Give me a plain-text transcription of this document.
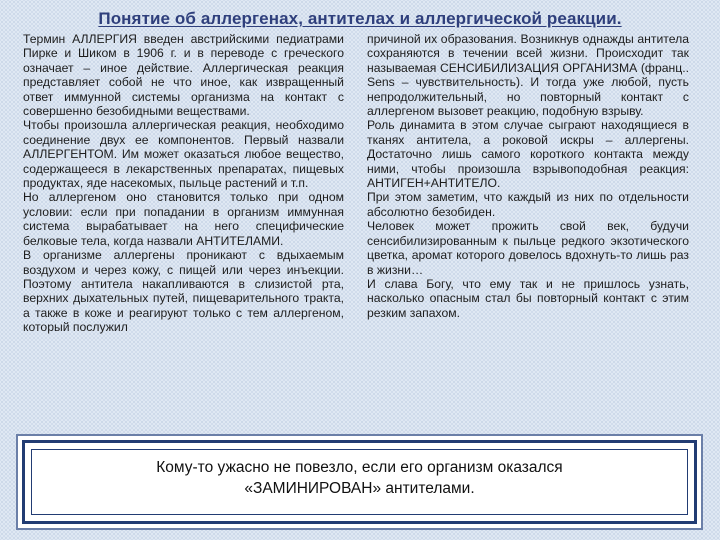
Понятие об аллергенах, антителах и аллергической реакции.

Термин АЛЛЕРГИЯ введен австрийскими педиатрами Пирке и Шиком в 1906 г. и в переводе с греческого означает – иное действие. Аллергическая реакция представляет собой не что иное, как извращенный ответ иммунной системы организма на контакт с совершенно безобидными веществами.

Чтобы произошла аллергическая реакция, необходимо соединение двух ее компонентов. Первый назвали АЛЛЕРГЕНТОМ. Им может оказаться любое вещество, содержащееся в лекарственных препаратах, пищевых продуктах, яде насекомых, пыльце растений и т.п.

Но аллергеном оно становится только при одном условии: если при попадании в организм иммунная система вырабатывает на него специфические белковые тела, когда назвали АНТИТЕЛАМИ.

В организме аллергены проникают с вдыхаемым воздухом и через кожу, с пищей или через инъекции. Поэтому антитела накапливаются в слизистой рта, верхних дыхательных путей, пищеварительного тракта, а также в коже и реагируют только с тем аллергеном, который послужил

причиной их образования. Возникнув однажды антитела сохраняются в течении всей жизни. Происходит так называемая СЕНСИБИЛИЗАЦИЯ ОРГАНИЗМА (франц.. Sens – чувствительность). И тогда уже любой, пусть непродолжительный, но повторный контакт с аллергеном вызовет реакцию, подобную взрыву.

Роль динамита в этом случае сыграют находящиеся в тканях антитела, а роковой искры – аллергены. Достаточно лишь самого короткого контакта между ними, чтобы произошла взрывоподобная реакция: АНТИГЕН+АНТИТЕЛО.

При этом заметим, что каждый из них по отдельности абсолютно безобиден.

Человек может прожить свой век, будучи сенсибилизированным к пыльце редкого экзотического цветка, аромат которого довелось вдохнуть-то лишь раз в жизни…

И слава Богу, что ему так и не пришлось узнать, насколько опасным стал бы повторный контакт с этим резким запахом.

Кому-то ужасно не повезло, если его организм оказался
«ЗАМИНИРОВАН» антителами.
